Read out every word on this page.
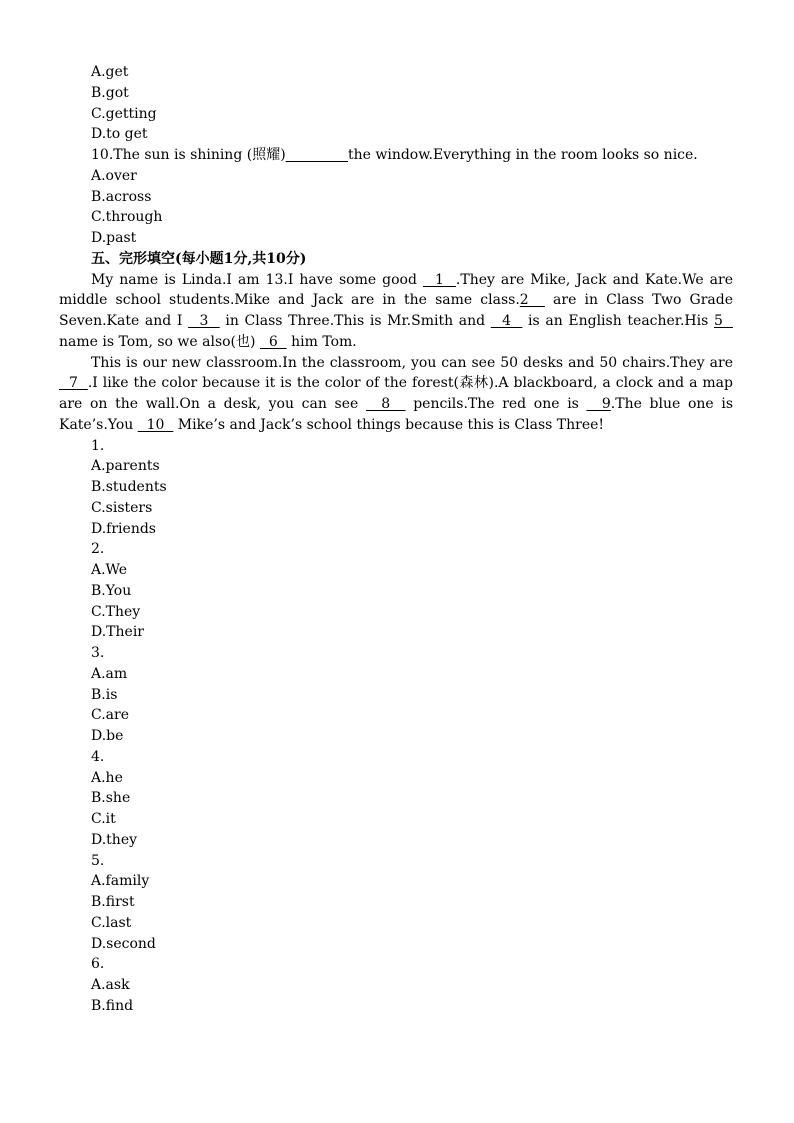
A.get
B.got
C.getting
D.to get
10.The sun is shining (照耀)	the window.Everything in the room looks so nice.
A.over
B.across
C.through
D.past
五、完形填空(每小题1分,共10分)
My name is Linda.I am 13.I have some good   1  .They are Mike, Jack and Kate.We are middle school students.Mike and Jack are in the same class.2   are in Class Two Grade Seven.Kate and I   3   in Class Three.This is Mr.Smith and   4   is an English teacher.His 5   name is Tom, so we also(也)   6   him Tom.
This is our new classroom.In the classroom, you can see 50 desks and 50 chairs.They are   7  .I like the color because it is the color of the forest(森林).A blackboard, a clock and a map are on the wall.On a desk, you can see   8   pencils.The red one is   9.The blue one is Kate’s.You   10   Mike’s and Jack’s school things because this is Class Three!
1.
A.parents
B.students
C.sisters
D.friends
2.
A.We
B.You
C.They
D.Their
3.
A.am
B.is
C.are
D.be
4.
A.he
B.she
C.it
D.they
5.
A.family
B.first
C.last
D.second
6.
A.ask
B.find
